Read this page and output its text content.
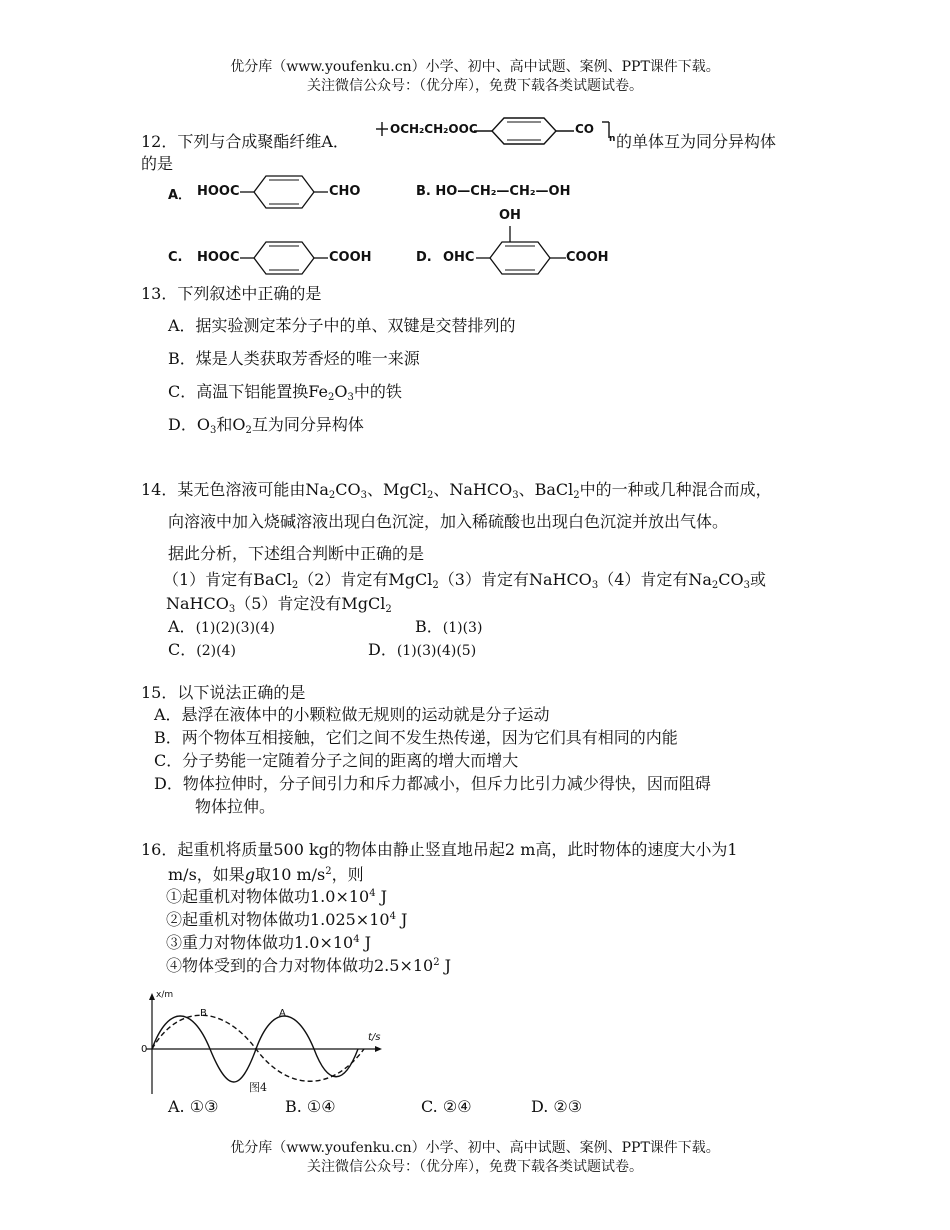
优分库（www.youfenku.cn）小学、初中、高中试题、案例、PPT课件下载。
关注微信公众号：（优分库），免费下载各类试题试卷。
12．下列与合成聚酯纤维A．
OCH₂CH₂OOC	CO
n 的单体互为同分异构体
的是
A． HOOC	CHO	B. HO—CH₂—CH₂—OH
C. HOOC	COOH
OH
D. OHC	COOH
13．下列叙述中正确的是
A．据实验测定苯分子中的单、双键是交替排列的
B．煤是人类获取芳香烃的唯一来源
C．高温下铝能置换$Fe_2O_3$中的铁
D．$O_3$和$O_2$互为同分异构体
14．某无色溶液可能由$Na_2CO_3$、MgCl$_2$、NaHCO$_3$、BaCl$_2$中的一种或几种混合而成，
向溶液中加入烧碱溶液出现白色沉淀，加入稀硫酸也出现白色沉淀并放出气体。
据此分析，下述组合判断中正确的是
（1）肯定有BaCl$_2$（2）肯定有MgCl$_2$（3）肯定有NaHCO$_3$（4）肯定有$Na_2CO_3$或
NaHCO$_3$（5）肯定没有MgCl$_2$
A．(1)(2)(3)(4)	B．(1)(3)
C．(2)(4)	D．(1)(3)(4)(5)
15．以下说法正确的是
A．悬浮在液体中的小颗粒做无规则的运动就是分子运动
B．两个物体互相接触，它们之间不发生热传递，因为它们具有相同的内能
C．分子势能一定随着分子之间的距离的增大而增大
D．物体拉伸时，分子间引力和斥力都减小，但斥力比引力减少得快，因而阻碍
物体拉伸。
16．起重机将质量500 kg的物体由静止竖直地吊起2 m高，此时物体的速度大小为1
m/s，如果g取10 $m/s^2$，则
①起重机对物体做功$1.0\times 10^4$ J
②起重机对物体做功$1.025\times 10^4$ J
③重力对物体做功$1.0\times 10^4$ J
④物体受到的合力对物体做功$2.5\times 10^2$ J
x/m
t/s
0
B	A
图4
A. ①③	B. ①④	C. ②④	D. ②③
优分库（www.youfenku.cn）小学、初中、高中试题、案例、PPT课件下载。
关注微信公众号：（优分库），免费下载各类试题试卷。
